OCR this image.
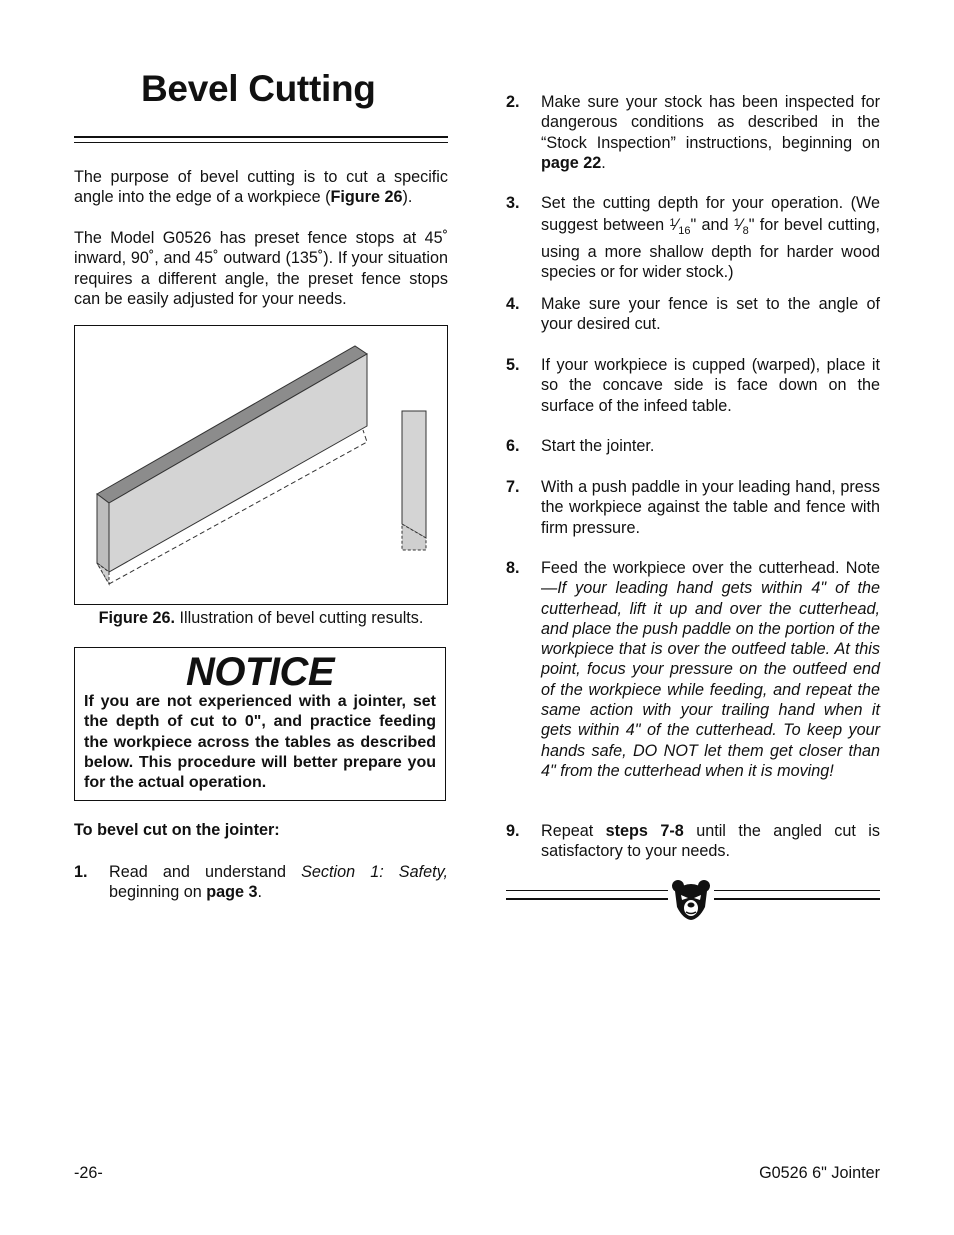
Bevel Cutting

The purpose of bevel cutting is to cut a specific angle into the edge of a workpiece (Figure 26).

The Model G0526 has preset fence stops at 45˚ inward, 90˚, and 45˚ outward (135˚). If your situation requires a different angle, the preset fence stops can be easily adjusted for your needs.

Figure 26. Illustration of bevel cutting results.
NOTICE
If you are not experienced with a jointer, set the depth of cut to 0", and practice feeding the workpiece across the tables as described below. This procedure will better prepare you for the actual operation.
To bevel cut on the jointer:
1. Read and understand Section 1: Safety, beginning on page 3.

2. Make sure your stock has been inspected for dangerous conditions as described in the “Stock Inspection” instructions, beginning on page 22.

3. Set the cutting depth for your operation. (We suggest between $^1⁄_{16}$" and $^1⁄_8$" for bevel cutting, using a more shallow depth for harder wood species or for wider stock.)

4. Make sure your fence is set to the angle of your desired cut.

5. If your workpiece is cupped (warped), place it so the concave side is face down on the surface of the infeed table.

6. Start the jointer.

7. With a push paddle in your leading hand, press the workpiece against the table and fence with firm pressure.

8. Feed the workpiece over the cutterhead. Note—If your leading hand gets within 4" of the cutterhead, lift it up and over the cutterhead, and place the push paddle on the portion of the workpiece that is over the outfeed table. At this point, focus your pressure on the outfeed end of the workpiece while feeding, and repeat the same action with your trailing hand when it gets within 4" of the cutterhead. To keep your hands safe, DO NOT let them get closer than 4" from the cutterhead when it is moving!

9. Repeat steps 7-8 until the angled cut is satisfactory to your needs.

-26-	G0526 6" Jointer
